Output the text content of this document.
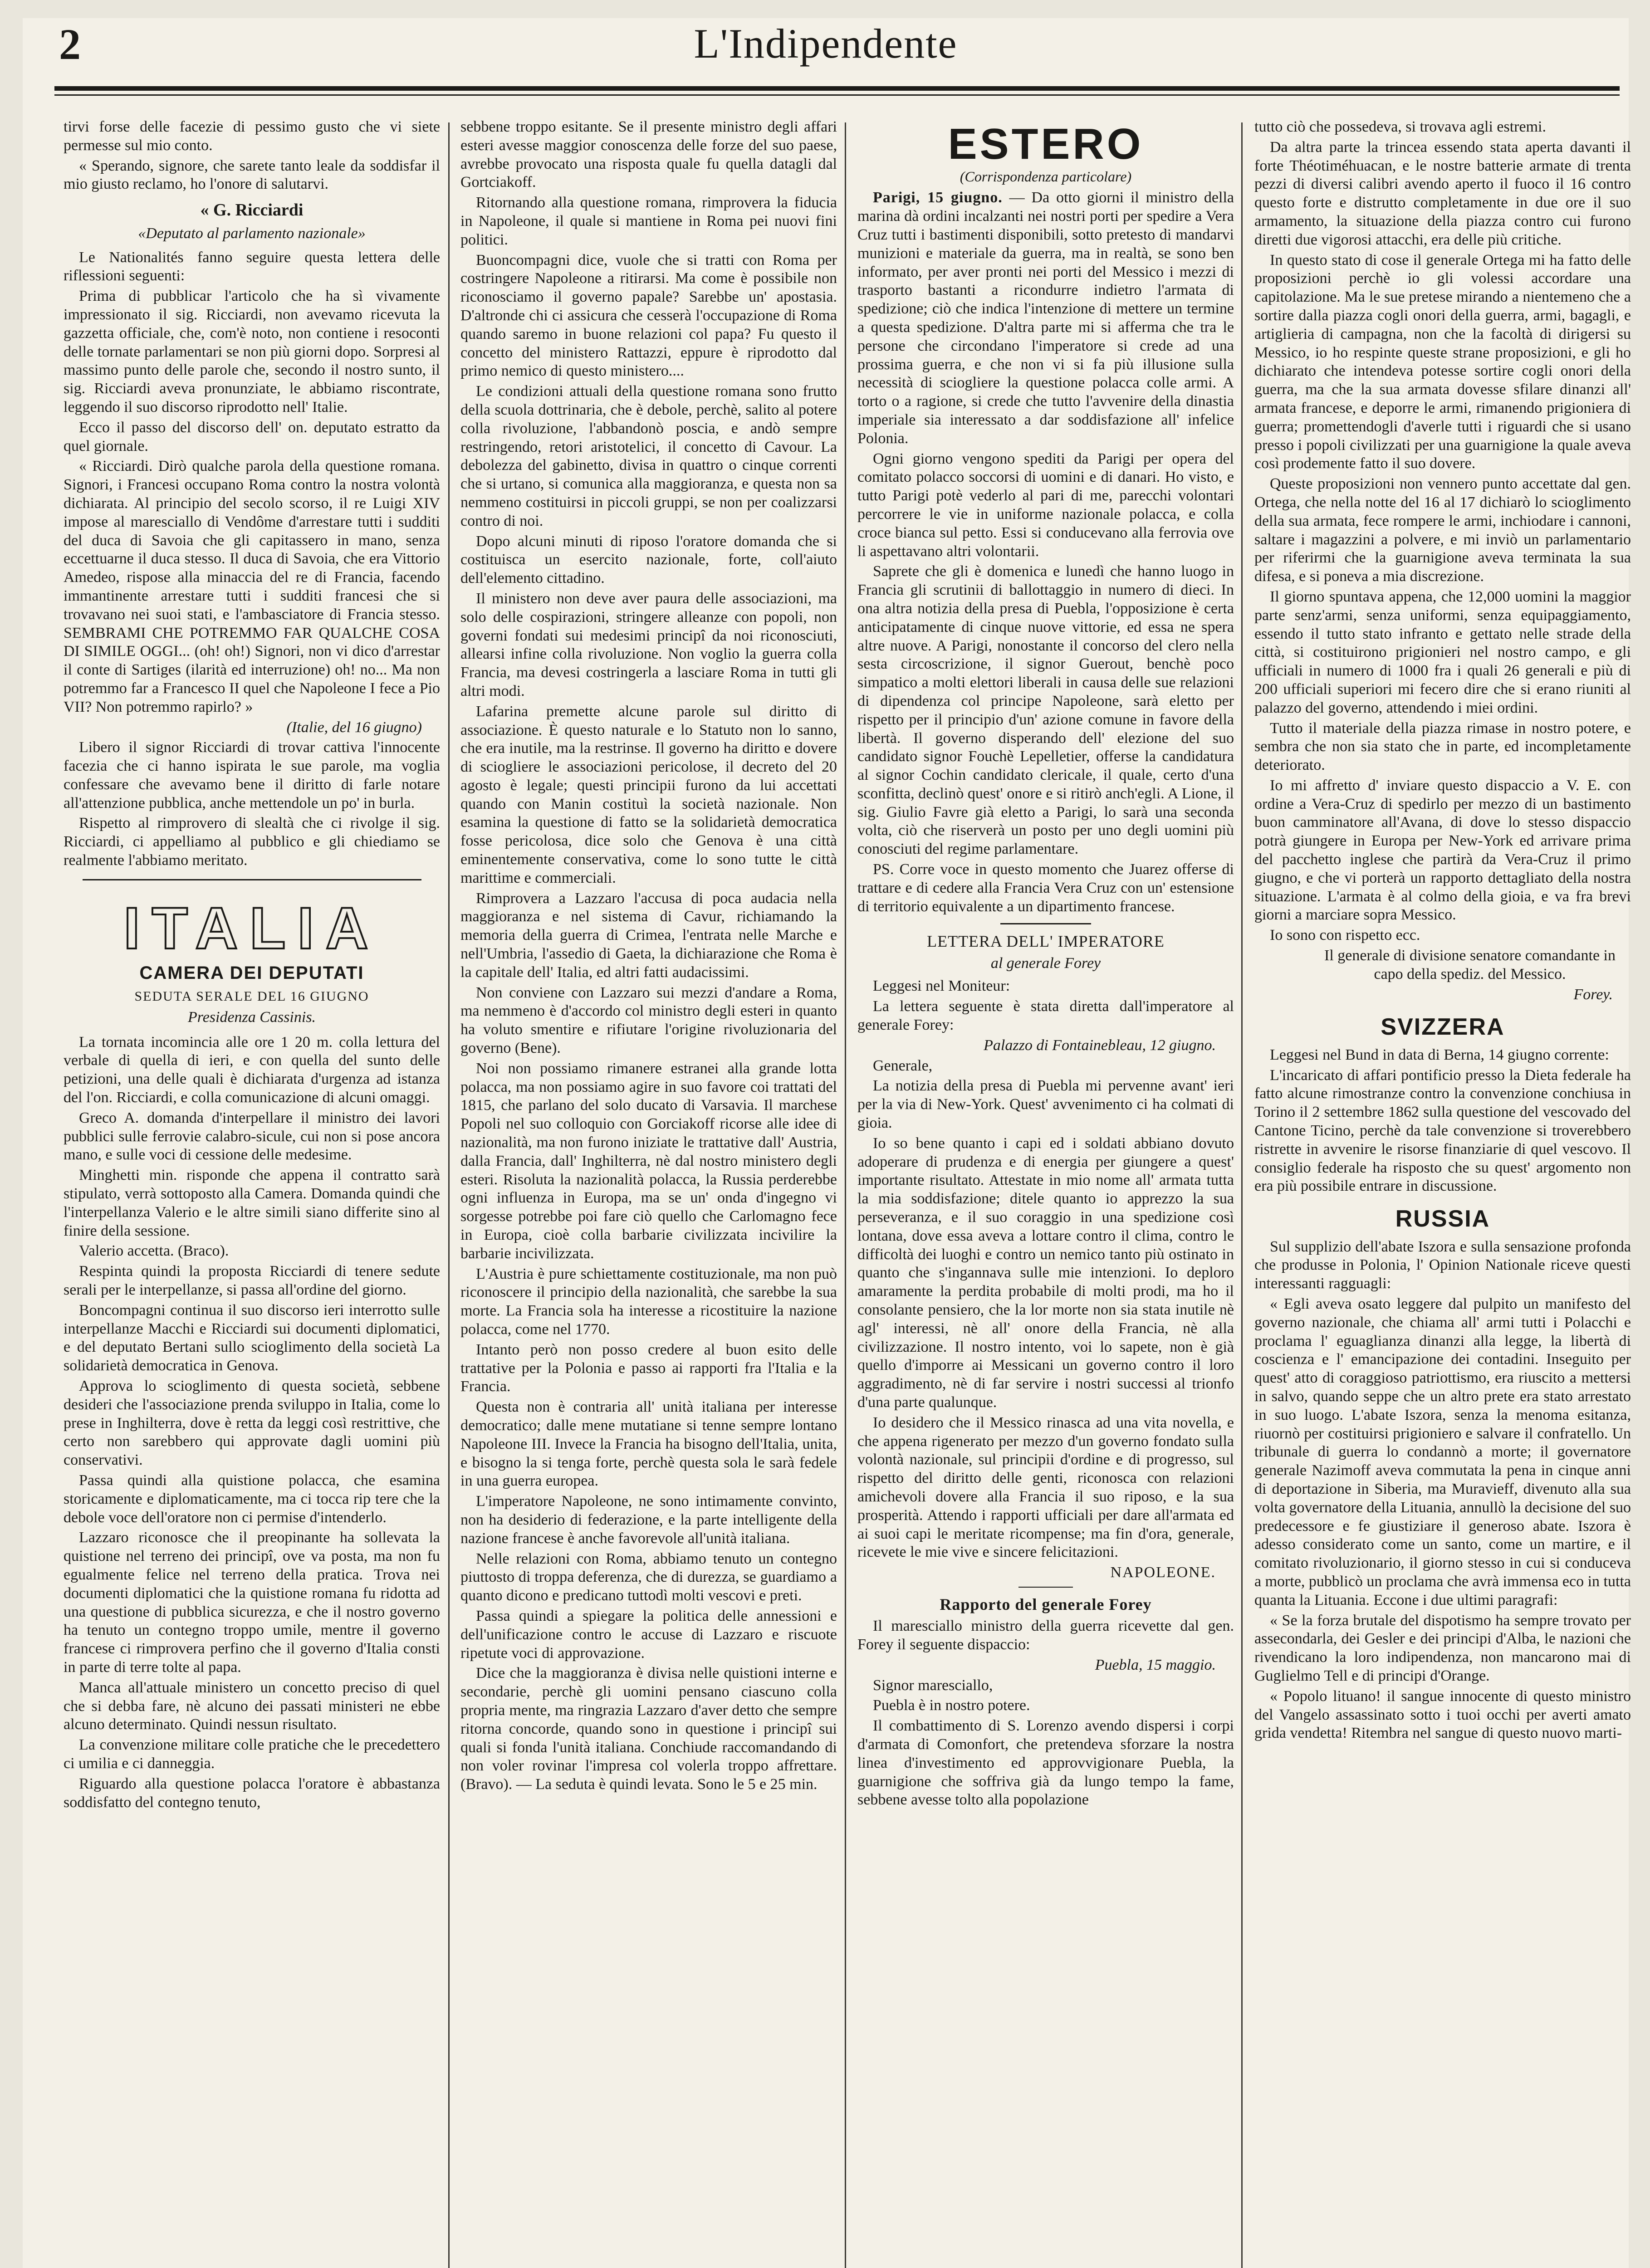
2	L'Indipendente

tirvi forse delle facezie di pessimo gusto che vi siete permesse sul mio conto.

« Sperando, signore, che sarete tanto leale da soddisfar il mio giusto reclamo, ho l'onore di salutarvi.

« G. Ricciardi

«Deputato al parlamento nazionale»

Le Nationalités fanno seguire questa lettera delle riflessioni seguenti:

Prima di pubblicar l'articolo che ha sì vivamente impressionato il sig. Ricciardi, non avevamo ricevuta la gazzetta officiale, che, com'è noto, non contiene i resoconti delle tornate parlamentari se non più giorni dopo. Sorpresi al massimo punto delle parole che, secondo il nostro sunto, il sig. Ricciardi aveva pronunziate, le abbiamo riscontrate, leggendo il suo discorso riprodotto nell' Italie.

Ecco il passo del discorso dell' on. deputato estratto da quel giornale.

« Ricciardi. Dirò qualche parola della questione romana. Signori, i Francesi occupano Roma contro la nostra volontà dichiarata. Al principio del secolo scorso, il re Luigi XIV impose al maresciallo di Vendôme d'arrestare tutti i sudditi del duca di Savoia che gli capitassero in mano, senza eccettuarne il duca stesso. Il duca di Savoia, che era Vittorio Amedeo, rispose alla minaccia del re di Francia, facendo immantinente arrestare tutti i sudditi francesi che si trovavano nei suoi stati, e l'ambasciatore di Francia stesso. SEMBRAMI CHE POTREMMO FAR QUALCHE COSA DI SIMILE OGGI... (oh! oh!) Signori, non vi dico d'arrestar il conte di Sartiges (ilarità ed interruzione) oh! no... Ma non potremmo far a Francesco II quel che Napoleone I fece a Pio VII? Non potremmo rapirlo? »

(Italie, del 16 giugno)

Libero il signor Ricciardi di trovar cattiva l'innocente facezia che ci hanno ispirata le sue parole, ma voglia confessare che avevamo bene il diritto di farle notare all'attenzione pubblica, anche mettendole un po' in burla.

Rispetto al rimprovero di slealtà che ci rivolge il sig. Ricciardi, ci appelliamo al pubblico e gli chiediamo se realmente l'abbiamo meritato.

ITALIA
CAMERA DEI DEPUTATI
SEDUTA SERALE DEL 16 GIUGNO
Presidenza Cassinis.

La tornata incomincia alle ore 1 20 m. colla lettura del verbale di quella di ieri, e con quella del sunto delle petizioni, una delle quali è dichiarata d'urgenza ad istanza del l'on. Ricciardi, e colla comunicazione di alcuni omaggi.

Greco A. domanda d'interpellare il ministro dei lavori pubblici sulle ferrovie calabro-sicule, cui non si pose ancora mano, e sulle voci di cessione delle medesime.

Minghetti min. risponde che appena il contratto sarà stipulato, verrà sottoposto alla Camera. Domanda quindi che l'interpellanza Valerio e le altre simili siano differite sino al finire della sessione.

Valerio accetta. (Braco).

Respinta quindi la proposta Ricciardi di tenere sedute serali per le interpellanze, si passa all'ordine del giorno.

Boncompagni continua il suo discorso ieri interrotto sulle interpellanze Macchi e Ricciardi sui documenti diplomatici, e del deputato Bertani sullo scioglimento della società La solidarietà democratica in Genova.

Approva lo scioglimento di questa società, sebbene desideri che l'associazione prenda sviluppo in Italia, come lo prese in Inghilterra, dove è retta da leggi così restrittive, che certo non sarebbero qui approvate dagli uomini più conservativi.

Passa quindi alla quistione polacca, che esamina storicamente e diplomaticamente, ma ci tocca rip tere che la debole voce dell'oratore non ci permise d'intenderlo.

Lazzaro riconosce che il preopinante ha sollevata la quistione nel terreno dei principî, ove va posta, ma non fu egualmente felice nel terreno della pratica. Trova nei documenti diplomatici che la quistione romana fu ridotta ad una questione di pubblica sicurezza, e che il nostro governo ha tenuto un contegno troppo umile, mentre il governo francese ci rimprovera perfino che il governo d'Italia consti in parte di terre tolte al papa.

Manca all'attuale ministero un concetto preciso di quel che si debba fare, nè alcuno dei passati ministeri ne ebbe alcuno determinato. Quindi nessun risultato.

La convenzione militare colle pratiche che le precedettero ci umilia e ci danneggia.

Riguardo alla questione polacca l'oratore è abbastanza soddisfatto del contegno tenuto,

sebbene troppo esitante. Se il presente ministro degli affari esteri avesse maggior conoscenza delle forze del suo paese, avrebbe provocato una risposta quale fu quella datagli dal Gortciakoff.

Ritornando alla questione romana, rimprovera la fiducia in Napoleone, il quale si mantiene in Roma pei nuovi fini politici.

Buoncompagni dice, vuole che si tratti con Roma per costringere Napoleone a ritirarsi. Ma come è possibile non riconosciamo il governo papale? Sarebbe un' apostasia. D'altronde chi ci assicura che cesserà l'occupazione di Roma quando saremo in buone relazioni col papa? Fu questo il concetto del ministero Rattazzi, eppure è riprodotto dal primo nemico di questo ministero....

Le condizioni attuali della questione romana sono frutto della scuola dottrinaria, che è debole, perchè, salito al potere colla rivoluzione, l'abbandonò poscia, e andò sempre restringendo, retori aristotelici, il concetto di Cavour. La debolezza del gabinetto, divisa in quattro o cinque correnti che si urtano, si comunica alla maggioranza, e questa non sa nemmeno costituirsi in piccoli gruppi, se non per coalizzarsi contro di noi.

Dopo alcuni minuti di riposo l'oratore domanda che si costituisca un esercito nazionale, forte, coll'aiuto dell'elemento cittadino.

Il ministero non deve aver paura delle associazioni, ma solo delle cospirazioni, stringere alleanze con popoli, non governi fondati sui medesimi principî da noi riconosciuti, allearsi infine colla rivoluzione. Non voglio la guerra colla Francia, ma devesi costringerla a lasciare Roma in tutti gli altri modi.

Lafarina premette alcune parole sul diritto di associazione. È questo naturale e lo Statuto non lo sanno, che era inutile, ma la restrinse. Il governo ha diritto e dovere di sciogliere le associazioni pericolose, il decreto del 20 agosto è legale; questi principii furono da lui accettati quando con Manin costituì la società nazionale. Non esamina la questione di fatto se la solidarietà democratica fosse pericolosa, dice solo che Genova è una città eminentemente conservativa, come lo sono tutte le città marittime e commerciali.

Rimprovera a Lazzaro l'accusa di poca audacia nella maggioranza e nel sistema di Cavur, richiamando la memoria della guerra di Crimea, l'entrata nelle Marche e nell'Umbria, l'assedio di Gaeta, la dichiarazione che Roma è la capitale dell' Italia, ed altri fatti audacissimi.

Non conviene con Lazzaro sui mezzi d'andare a Roma, ma nemmeno è d'accordo col ministro degli esteri in quanto ha voluto smentire e rifiutare l'origine rivoluzionaria del governo (Bene).

Noi non possiamo rimanere estranei alla grande lotta polacca, ma non possiamo agire in suo favore coi trattati del 1815, che parlano del solo ducato di Varsavia. Il marchese Popoli nel suo colloquio con Gorciakoff ricorse alle idee di nazionalità, ma non furono iniziate le trattative dall' Austria, dalla Francia, dall' Inghilterra, nè dal nostro ministero degli esteri. Risoluta la nazionalità polacca, la Russia perderebbe ogni influenza in Europa, ma se un' onda d'ingegno vi sorgesse potrebbe poi fare ciò quello che Carlomagno fece in Europa, cioè colla barbarie civilizzata incivilire la barbarie incivilizzata.

L'Austria è pure schiettamente costituzionale, ma non può riconoscere il principio della nazionalità, che sarebbe la sua morte. La Francia sola ha interesse a ricostituire la nazione polacca, come nel 1770.

Intanto però non posso credere al buon esito delle trattative per la Polonia e passo ai rapporti fra l'Italia e la Francia.

Questa non è contraria all' unità italiana per interesse democratico; dalle mene mutatiane si tenne sempre lontano Napoleone III. Invece la Francia ha bisogno dell'Italia, unita, e bisogno la si tenga forte, perchè questa sola le sarà fedele in una guerra europea.

L'imperatore Napoleone, ne sono intimamente convinto, non ha desiderio di federazione, e la parte intelligente della nazione francese è anche favorevole all'unità italiana.

Nelle relazioni con Roma, abbiamo tenuto un contegno piuttosto di troppa deferenza, che di durezza, se guardiamo a quanto dicono e predicano tuttodì molti vescovi e preti.

Passa quindi a spiegare la politica delle annessioni e dell'unificazione contro le accuse di Lazzaro e riscuote ripetute voci di approvazione.

Dice che la maggioranza è divisa nelle quistioni interne e secondarie, perchè gli uomini pensano ciascuno colla propria mente, ma ringrazia Lazzaro d'aver detto che sempre ritorna concorde, quando sono in questione i principî sui quali si fonda l'unità italiana. Conchiude raccomandando di non voler rovinar l'impresa col volerla troppo affrettare. (Bravo). — La seduta è quindi levata. Sono le 5 e 25 min.

ESTERO
(Corrispondenza particolare)

Parigi, 15 giugno. — Da otto giorni il ministro della marina dà ordini incalzanti nei nostri porti per spedire a Vera Cruz tutti i bastimenti disponibili, sotto pretesto di mandarvi munizioni e materiale da guerra, ma in realtà, se sono ben informato, per aver pronti nei porti del Messico i mezzi di trasporto bastanti a ricondurre indietro l'armata di spedizione; ciò che indica l'intenzione di mettere un termine a questa spedizione. D'altra parte mi si afferma che tra le persone che circondano l'imperatore si crede ad una prossima guerra, e che non vi si fa più illusione sulla necessità di sciogliere la questione polacca colle armi. A torto o a ragione, si crede che tutto l'avvenire della dinastia imperiale sia interessato a dar soddisfazione all' infelice Polonia.

Ogni giorno vengono spediti da Parigi per opera del comitato polacco soccorsi di uomini e di danari. Ho visto, e tutto Parigi potè vederlo al pari di me, parecchi volontari percorrere le vie in uniforme nazionale polacca, e colla croce bianca sul petto. Essi si conducevano alla ferrovia ove li aspettavano altri volontarii.

Saprete che gli è domenica e lunedì che hanno luogo in Francia gli scrutinii di ballottaggio in numero di dieci. In ona altra notizia della presa di Puebla, l'opposizione è certa anticipatamente di cinque nuove vittorie, ed essa ne spera altre nuove. A Parigi, nonostante il concorso del clero nella sesta circoscrizione, il signor Guerout, benchè poco simpatico a molti elettori liberali in causa delle sue relazioni di dipendenza col principe Napoleone, sarà eletto per rispetto per il principio d'un' azione comune in favore della libertà. Il governo disperando dell' elezione del suo candidato signor Fouchè Lepelletier, offerse la candidatura al signor Cochin candidato clericale, il quale, certo d'una sconfitta, declinò quest' onore e si ritirò anch'egli. A Lione, il sig. Giulio Favre già eletto a Parigi, lo sarà una seconda volta, ciò che riserverà un posto per uno degli uomini più conosciuti del regime parlamentare.

PS. Corre voce in questo momento che Juarez offerse di trattare e di cedere alla Francia Vera Cruz con un' estensione di territorio equivalente a un dipartimento francese.

LETTERA DELL' IMPERATORE
al generale Forey

Leggesi nel Moniteur:

La lettera seguente è stata diretta dall'imperatore al generale Forey:

Palazzo di Fontainebleau, 12 giugno.

Generale,

La notizia della presa di Puebla mi pervenne avant' ieri per la via di New-York. Quest' avvenimento ci ha colmati di gioia.

Io so bene quanto i capi ed i soldati abbiano dovuto adoperare di prudenza e di energia per giungere a quest' importante risultato. Attestate in mio nome all' armata tutta la mia soddisfazione; ditele quanto io apprezzo la sua perseveranza, e il suo coraggio in una spedizione così lontana, dove essa aveva a lottare contro il clima, contro le difficoltà dei luoghi e contro un nemico tanto più ostinato in quanto che s'ingannava sulle mie intenzioni. Io deploro amaramente la perdita probabile di molti prodi, ma ho il consolante pensiero, che la lor morte non sia stata inutile nè agl' interessi, nè all' onore della Francia, nè alla civilizzazione. Il nostro intento, voi lo sapete, non è già quello d'imporre ai Messicani un governo contro il loro aggradimento, nè di far servire i nostri successi al trionfo d'una parte qualunque.

Io desidero che il Messico rinasca ad una vita novella, e che appena rigenerato per mezzo d'un governo fondato sulla volontà nazionale, sul principii d'ordine e di progresso, sul rispetto del diritto delle genti, riconosca con relazioni amichevoli dovere alla Francia il suo riposo, e la sua prosperità. Attendo i rapporti ufficiali per dare all'armata ed ai suoi capi le meritate ricompense; ma fin d'ora, generale, ricevete le mie vive e sincere felicitazioni.

NAPOLEONE.

Rapporto del generale Forey

Il maresciallo ministro della guerra ricevette dal gen. Forey il seguente dispaccio:

Puebla, 15 maggio.

Signor maresciallo,

Puebla è in nostro potere.

Il combattimento di S. Lorenzo avendo dispersi i corpi d'armata di Comonfort, che pretendeva sforzare la nostra linea d'investimento ed approvvigionare Puebla, la guarnigione che soffriva già da lungo tempo la fame, sebbene avesse tolto alla popolazione

tutto ciò che possedeva, si trovava agli estremi.

Da altra parte la trincea essendo stata aperta davanti il forte Théotiméhuacan, e le nostre batterie armate di trenta pezzi di diversi calibri avendo aperto il fuoco il 16 contro questo forte e distrutto completamente in due ore il suo armamento, la situazione della piazza contro cui furono diretti due vigorosi attacchi, era delle più critiche.

In questo stato di cose il generale Ortega mi ha fatto delle proposizioni perchè io gli volessi accordare una capitolazione. Ma le sue pretese mirando a nientemeno che a sortire dalla piazza cogli onori della guerra, armi, bagagli, e artiglieria di campagna, non che la facoltà di dirigersi su Messico, io ho respinte queste strane proposizioni, e gli ho dichiarato che intendeva potesse sortire cogli onori della guerra, ma che la sua armata dovesse sfilare dinanzi all' armata francese, e deporre le armi, rimanendo prigioniera di guerra; promettendogli d'averle tutti i riguardi che si usano presso i popoli civilizzati per una guarnigione la quale aveva così prodemente fatto il suo dovere.

Queste proposizioni non vennero punto accettate dal gen. Ortega, che nella notte del 16 al 17 dichiarò lo scioglimento della sua armata, fece rompere le armi, inchiodare i cannoni, saltare i magazzini a polvere, e mi inviò un parlamentario per riferirmi che la guarnigione aveva terminata la sua difesa, e si poneva a mia discrezione.

Il giorno spuntava appena, che 12,000 uomini la maggior parte senz'armi, senza uniformi, senza equipaggiamento, essendo il tutto stato infranto e gettato nelle strade della città, si costituirono prigionieri nel nostro campo, e gli ufficiali in numero di 1000 fra i quali 26 generali e più di 200 ufficiali superiori mi fecero dire che si erano riuniti al palazzo del governo, attendendo i miei ordini.

Tutto il materiale della piazza rimase in nostro potere, e sembra che non sia stato che in parte, ed incompletamente deteriorato.

Io mi affretto d' inviare questo dispaccio a V. E. con ordine a Vera-Cruz di spedirlo per mezzo di un bastimento buon camminatore all'Avana, di dove lo stesso dispaccio potrà giungere in Europa per New-York ed arrivare prima del pacchetto inglese che partirà da Vera-Cruz il primo giugno, e che vi porterà un rapporto dettagliato della nostra situazione. L'armata è al colmo della gioia, e va fra brevi giorni a marciare sopra Messico.

Io sono con rispetto ecc.

Il generale di divisione senatore comandante in capo della spediz. del Messico.

Forey.

SVIZZERA

Leggesi nel Bund in data di Berna, 14 giugno corrente:

L'incaricato di affari pontificio presso la Dieta federale ha fatto alcune rimostranze contro la convenzione conchiusa in Torino il 2 settembre 1862 sulla questione del vescovado del Cantone Ticino, perchè da tale convenzione si troverebbero ristrette in avvenire le risorse finanziarie di quel vescovo. Il consiglio federale ha risposto che su quest' argomento non era più possibile entrare in discussione.

RUSSIA

Sul supplizio dell'abate Iszora e sulla sensazione profonda che produsse in Polonia, l' Opinion Nationale riceve questi interessanti ragguagli:

« Egli aveva osato leggere dal pulpito un manifesto del governo nazionale, che chiama all' armi tutti i Polacchi e proclama l' eguaglianza dinanzi alla legge, la libertà di coscienza e l' emancipazione dei contadini. Inseguito per quest' atto di coraggioso patriottismo, era riuscito a mettersi in salvo, quando seppe che un altro prete era stato arrestato in suo luogo. L'abate Iszora, senza la menoma esitanza, riuornò per costituirsi prigioniero e salvare il confratello. Un tribunale di guerra lo condannò a morte; il governatore generale Nazimoff aveva commutata la pena in cinque anni di deportazione in Siberia, ma Muravieff, divenuto alla sua volta governatore della Lituania, annullò la decisione del suo predecessore e fe giustiziare il generoso abate. Iszora è adesso considerato come un santo, come un martire, e il comitato rivoluzionario, il giorno stesso in cui si conduceva a morte, pubblicò un proclama che avrà immensa eco in tutta quanta la Lituania. Eccone i due ultimi paragrafi:

« Se la forza brutale del dispotismo ha sempre trovato per assecondarla, dei Gesler e dei principi d'Alba, le nazioni che rivendicano la loro indipendenza, non mancarono mai di Guglielmo Tell e di principi d'Orange.

« Popolo lituano! il sangue innocente di questo ministro del Vangelo assassinato sotto i tuoi occhi per averti amato grida vendetta! Ritembra nel sangue di questo nuovo marti-
